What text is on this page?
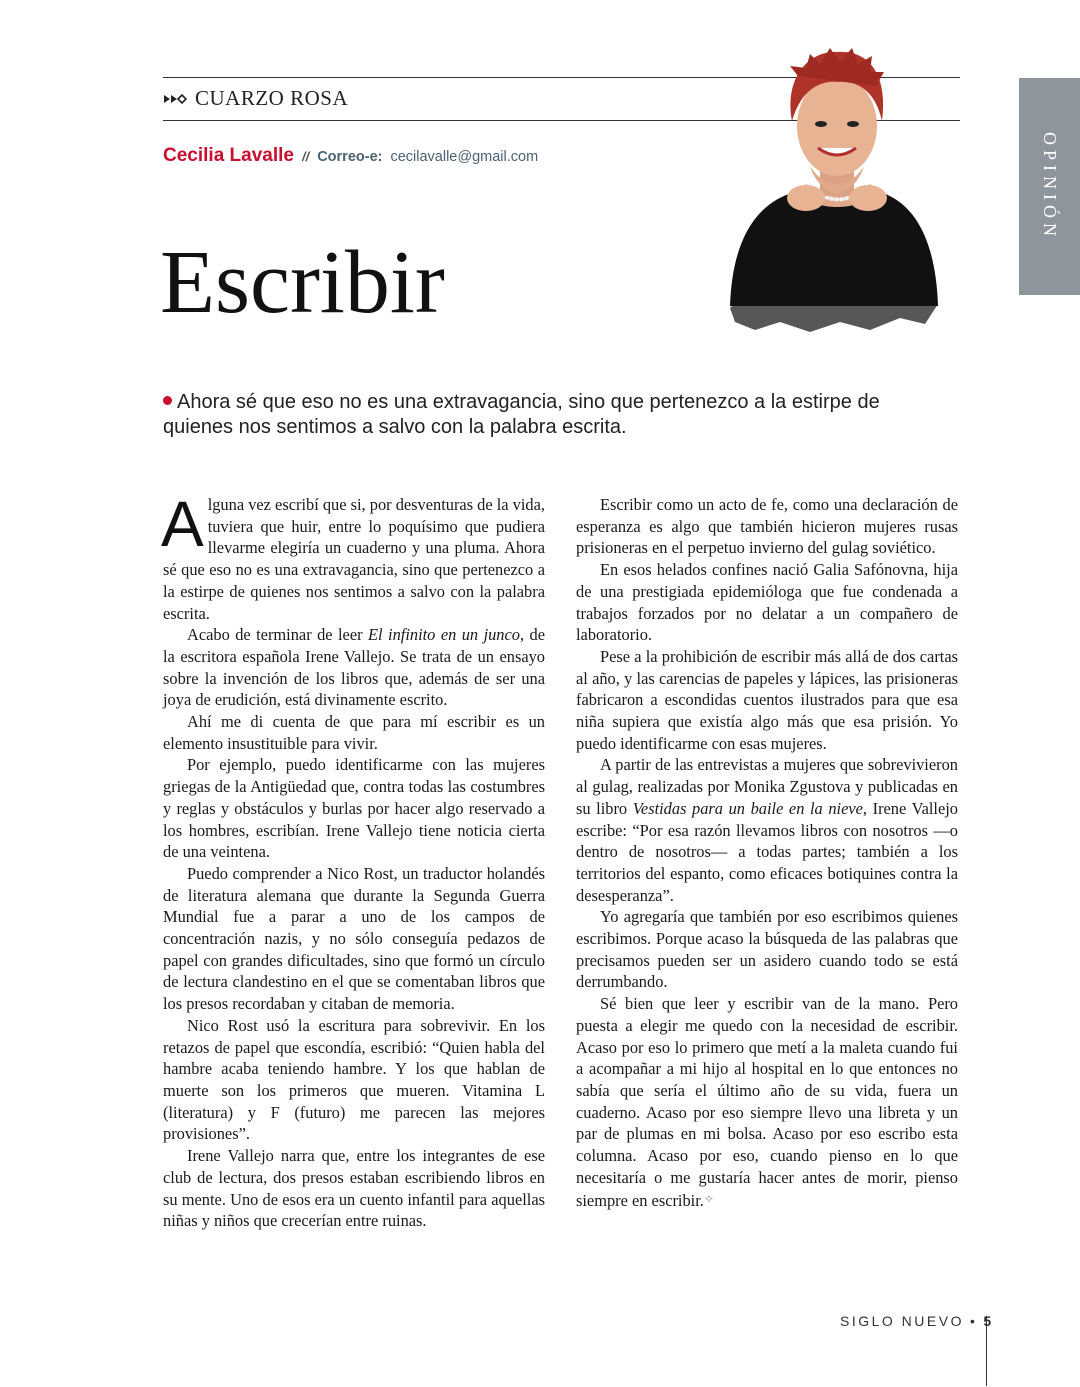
CUARZO ROSA
Cecilia Lavalle // Correo-e: cecilavalle@gmail.com
Escribir
OPINIÓN
Ahora sé que eso no es una extravagancia, sino que pertenezco a la estirpe de quienes nos sentimos a salvo con la palabra escrita.

Alguna vez escribí que si, por desventuras de la vida, tuviera que huir, entre lo poquísimo que pudiera llevarme elegiría un cuaderno y una pluma. Ahora sé que eso no es una extravagancia, sino que pertenezco a la estirpe de quienes nos sentimos a salvo con la palabra escrita.

Acabo de terminar de leer El infinito en un junco, de la escritora española Irene Vallejo. Se trata de un ensayo sobre la invención de los libros que, además de ser una joya de erudición, está divinamente escrito.

Ahí me di cuenta de que para mí escribir es un elemento insustituible para vivir.

Por ejemplo, puedo identificarme con las mujeres griegas de la Antigüedad que, contra todas las costumbres y reglas y obstáculos y burlas por hacer algo reservado a los hombres, escribían. Irene Vallejo tiene noticia cierta de una veintena.

Puedo comprender a Nico Rost, un traductor holandés de literatura alemana que durante la Segunda Guerra Mundial fue a parar a uno de los campos de concentración nazis, y no sólo conseguía pedazos de papel con grandes dificultades, sino que formó un círculo de lectura clandestino en el que se comentaban libros que los presos recordaban y citaban de memoria.

Nico Rost usó la escritura para sobrevivir. En los retazos de papel que escondía, escribió: “Quien habla del hambre acaba teniendo hambre. Y los que hablan de muerte son los primeros que mueren. Vitamina L (literatura) y F (futuro) me parecen las mejores provisiones”.

Irene Vallejo narra que, entre los integrantes de ese club de lectura, dos presos estaban escribiendo libros en su mente. Uno de esos era un cuento infantil para aquellas niñas y niños que crecerían entre ruinas.

Escribir como un acto de fe, como una declaración de esperanza es algo que también hicieron mujeres rusas prisioneras en el perpetuo invierno del gulag soviético.

En esos helados confines nació Galia Safónovna, hija de una prestigiada epidemióloga que fue condenada a trabajos forzados por no delatar a un compañero de laboratorio.

Pese a la prohibición de escribir más allá de dos cartas al año, y las carencias de papeles y lápices, las prisioneras fabricaron a escondidas cuentos ilustrados para que esa niña supiera que existía algo más que esa prisión. Yo puedo identificarme con esas mujeres.

A partir de las entrevistas a mujeres que sobrevivieron al gulag, realizadas por Monika Zgustova y publicadas en su libro Vestidas para un baile en la nieve, Irene Vallejo escribe: “Por esa razón llevamos libros con nosotros —o dentro de nosotros— a todas partes; también a los territorios del espanto, como eficaces botiquines contra la desesperanza”.

Yo agregaría que también por eso escribimos quienes escribimos. Porque acaso la búsqueda de las palabras que precisamos pueden ser un asidero cuando todo se está derrumbando.

Sé bien que leer y escribir van de la mano. Pero puesta a elegir me quedo con la necesidad de escribir. Acaso por eso lo primero que metí a la maleta cuando fui a acompañar a mi hijo al hospital en lo que entonces no sabía que sería el último año de su vida, fuera un cuaderno. Acaso por eso siempre llevo una libreta y un par de plumas en mi bolsa. Acaso por eso escribo esta columna. Acaso por eso, cuando pienso en lo que necesitaría o me gustaría hacer antes de morir, pienso siempre en escribir.✧

SIGLO NUEVO • 5
